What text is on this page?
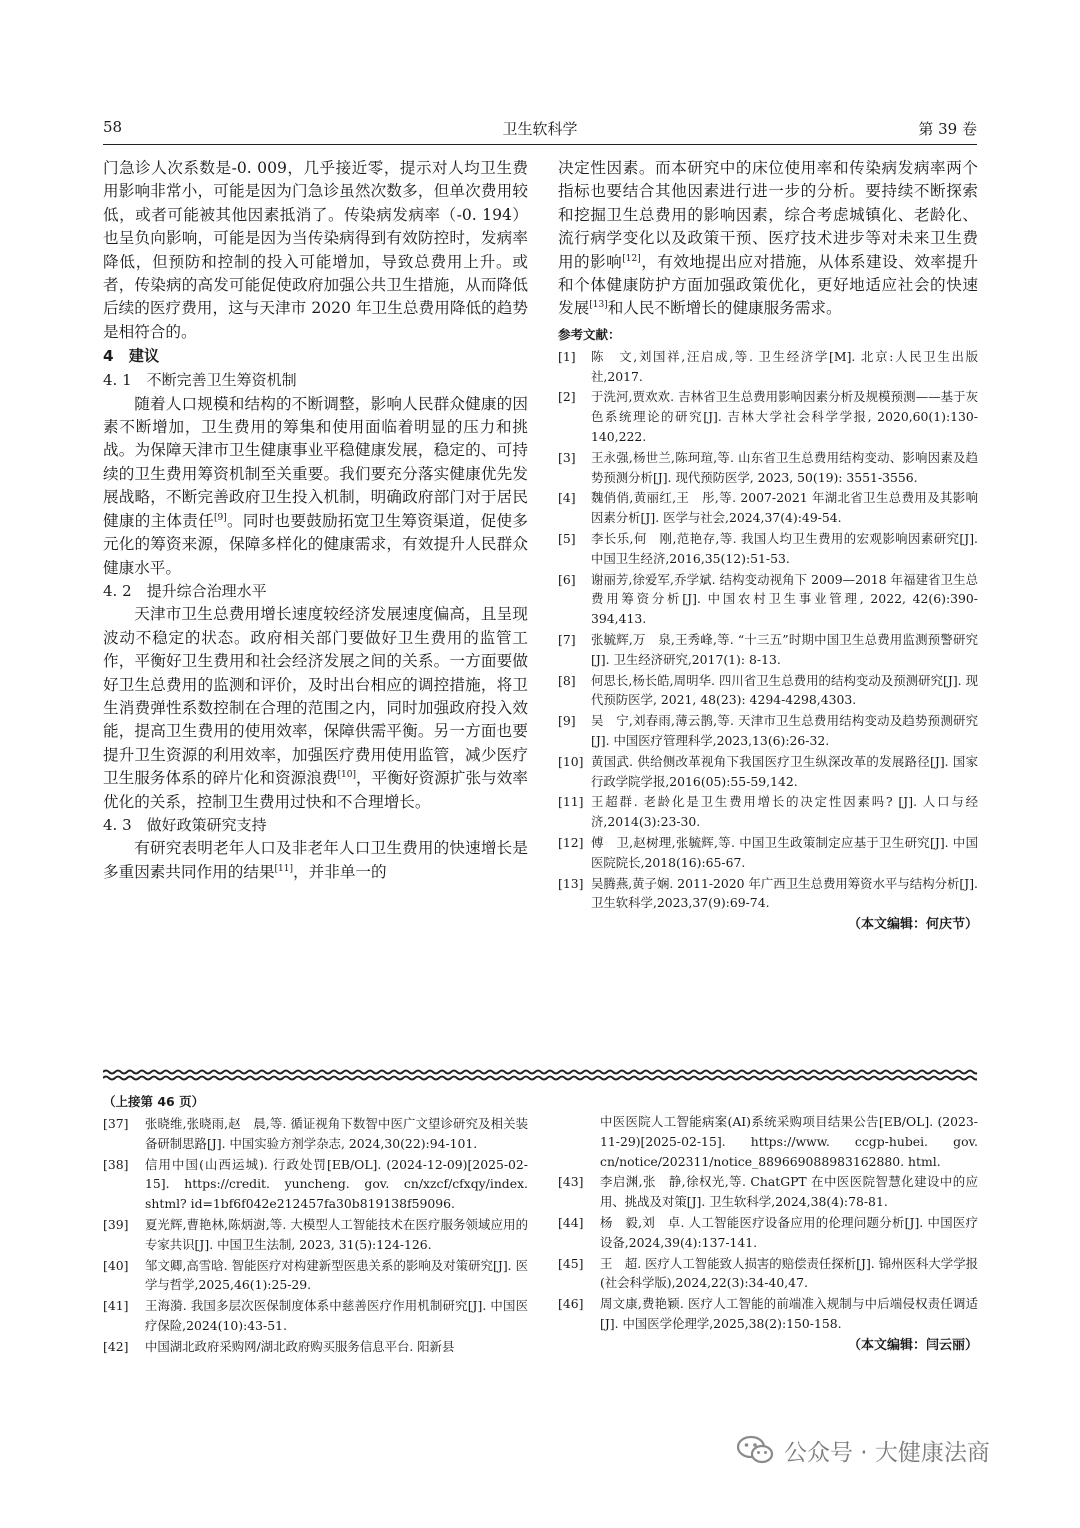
58	卫生软科学	第 39 卷

门急诊人次系数是-0. 009，几乎接近零，提示对人均卫生费用影响非常小，可能是因为门急诊虽然次数多，但单次费用较低，或者可能被其他因素抵消了。传染病发病率（-0. 194）也呈负向影响，可能是因为当传染病得到有效防控时，发病率降低，但预防和控制的投入可能增加，导致总费用上升。或者，传染病的高发可能促使政府加强公共卫生措施，从而降低后续的医疗费用，这与天津市 2020 年卫生总费用降低的趋势是相符合的。

4　建议
4. 1　不断完善卫生筹资机制

随着人口规模和结构的不断调整，影响人民群众健康的因素不断增加，卫生费用的筹集和使用面临着明显的压力和挑战。为保障天津市卫生健康事业平稳健康发展，稳定的、可持续的卫生费用筹资机制至关重要。我们要充分落实健康优先发展战略，不断完善政府卫生投入机制，明确政府部门对于居民健康的主体责任[9]。同时也要鼓励拓宽卫生筹资渠道，促使多元化的筹资来源，保障多样化的健康需求，有效提升人民群众健康水平。

4. 2　提升综合治理水平

天津市卫生总费用增长速度较经济发展速度偏高，且呈现波动不稳定的状态。政府相关部门要做好卫生费用的监管工作，平衡好卫生费用和社会经济发展之间的关系。一方面要做好卫生总费用的监测和评价，及时出台相应的调控措施，将卫生消费弹性系数控制在合理的范围之内，同时加强政府投入效能，提高卫生费用的使用效率，保障供需平衡。另一方面也要提升卫生资源的利用效率，加强医疗费用使用监管，减少医疗卫生服务体系的碎片化和资源浪费[10]，平衡好资源扩张与效率优化的关系，控制卫生费用过快和不合理增长。

4. 3　做好政策研究支持

有研究表明老年人口及非老年人口卫生费用的快速增长是多重因素共同作用的结果[11]，并非单一的

决定性因素。而本研究中的床位使用率和传染病发病率两个指标也要结合其他因素进行进一步的分析。要持续不断探索和挖掘卫生总费用的影响因素，综合考虑城镇化、老龄化、流行病学变化以及政策干预、医疗技术进步等对未来卫生费用的影响[12]，有效地提出应对措施，从体系建设、效率提升和个体健康防护方面加强政策优化，更好地适应社会的快速发展[13]和人民不断增长的健康服务需求。

参考文献：
[1] 陈　文,刘国祥,汪启成,等. 卫生经济学[M]. 北京:人民卫生出版社,2017.
[2] 于洗河,贾欢欢. 吉林省卫生总费用影响因素分析及规模预测——基于灰色系统理论的研究[J]. 吉林大学社会科学学报, 2020,60(1):130-140,222.
[3] 王永强,杨世兰,陈珂瑄,等. 山东省卫生总费用结构变动、影响因素及趋势预测分析[J]. 现代预防医学, 2023, 50(19): 3551-3556.
[4] 魏俏俏,黄丽红,王　彤,等. 2007-2021 年湖北省卫生总费用及其影响因素分析[J]. 医学与社会,2024,37(4):49-54.
[5] 李长乐,何　刚,范艳存,等. 我国人均卫生费用的宏观影响因素研究[J]. 中国卫生经济,2016,35(12):51-53.
[6] 谢丽芳,徐爱军,乔学斌. 结构变动视角下 2009—2018 年福建省卫生总费用筹资分析[J]. 中国农村卫生事业管理, 2022, 42(6):390-394,413.
[7] 张毓辉,万　泉,王秀峰,等. “十三五”时期中国卫生总费用监测预警研究[J]. 卫生经济研究,2017(1): 8-13.
[8] 何思长,杨长皓,周明华. 四川省卫生总费用的结构变动及预测研究[J]. 现代预防医学, 2021, 48(23): 4294-4298,4303.
[9] 吴　宁,刘春雨,薄云鹊,等. 天津市卫生总费用结构变动及趋势预测研究[J]. 中国医疗管理科学,2023,13(6):26-32.
[10] 黄国武. 供给侧改革视角下我国医疗卫生纵深改革的发展路径[J]. 国家行政学院学报,2016(05):55-59,142.
[11] 王超群. 老龄化是卫生费用增长的决定性因素吗? [J]. 人口与经济,2014(3):23-30.
[12] 傅　卫,赵树理,张毓辉,等. 中国卫生政策制定应基于卫生研究[J]. 中国医院院长,2018(16):65-67.
[13] 吴腾燕,黄子娴. 2011-2020 年广西卫生总费用筹资水平与结构分析[J]. 卫生软科学,2023,37(9):69-74.
（本文编辑：何庆节）
（上接第 46 页）
[37] 张晓维,张晓雨,赵　晨,等. 循证视角下数智中医广文望诊研究及相关装备研制思路[J]. 中国实验方剂学杂志, 2024,30(22):94-101.
[38] 信用中国(山西运城). 行政处罚[EB/OL]. (2024-12-09)[2025-02-15]. https://credit. yuncheng. gov. cn/xzcf/cfxqy/index. shtml? id=1bf6f042e212457fa30b819138f59096.
[39] 夏光辉,曹艳林,陈炳澍,等. 大模型人工智能技术在医疗服务领域应用的专家共识[J]. 中国卫生法制, 2023, 31(5):124-126.
[40] 邹文卿,高雪晗. 智能医疗对构建新型医患关系的影响及对策研究[J]. 医学与哲学,2025,46(1):25-29.
[41] 王海漪. 我国多层次医保制度体系中慈善医疗作用机制研究[J]. 中国医疗保险,2024(10):43-51.
[42] 中国湖北政府采购网/湖北政府购买服务信息平台. 阳新县
中医医院人工智能病案(AI)系统采购项目结果公告[EB/OL]. (2023-11-29)[2025-02-15]. https://www. ccgp-hubei. gov. cn/notice/202311/notice_889669088983162880. html.
[43] 李启渊,张　静,徐权光,等. ChatGPT 在中医医院智慧化建设中的应用、挑战及对策[J]. 卫生软科学,2024,38(4):78-81.
[44] 杨　毅,刘　卓. 人工智能医疗设备应用的伦理问题分析[J]. 中国医疗设备,2024,39(4):137-141.
[45] 王　超. 医疗人工智能致人损害的赔偿责任探析[J]. 锦州医科大学学报(社会科学版),2024,22(3):34-40,47.
[46] 周文康,费艳颖. 医疗人工智能的前端准入规制与中后端侵权责任调适[J]. 中国医学伦理学,2025,38(2):150-158.
（本文编辑：闫云丽）
公众号 · 大健康法商
